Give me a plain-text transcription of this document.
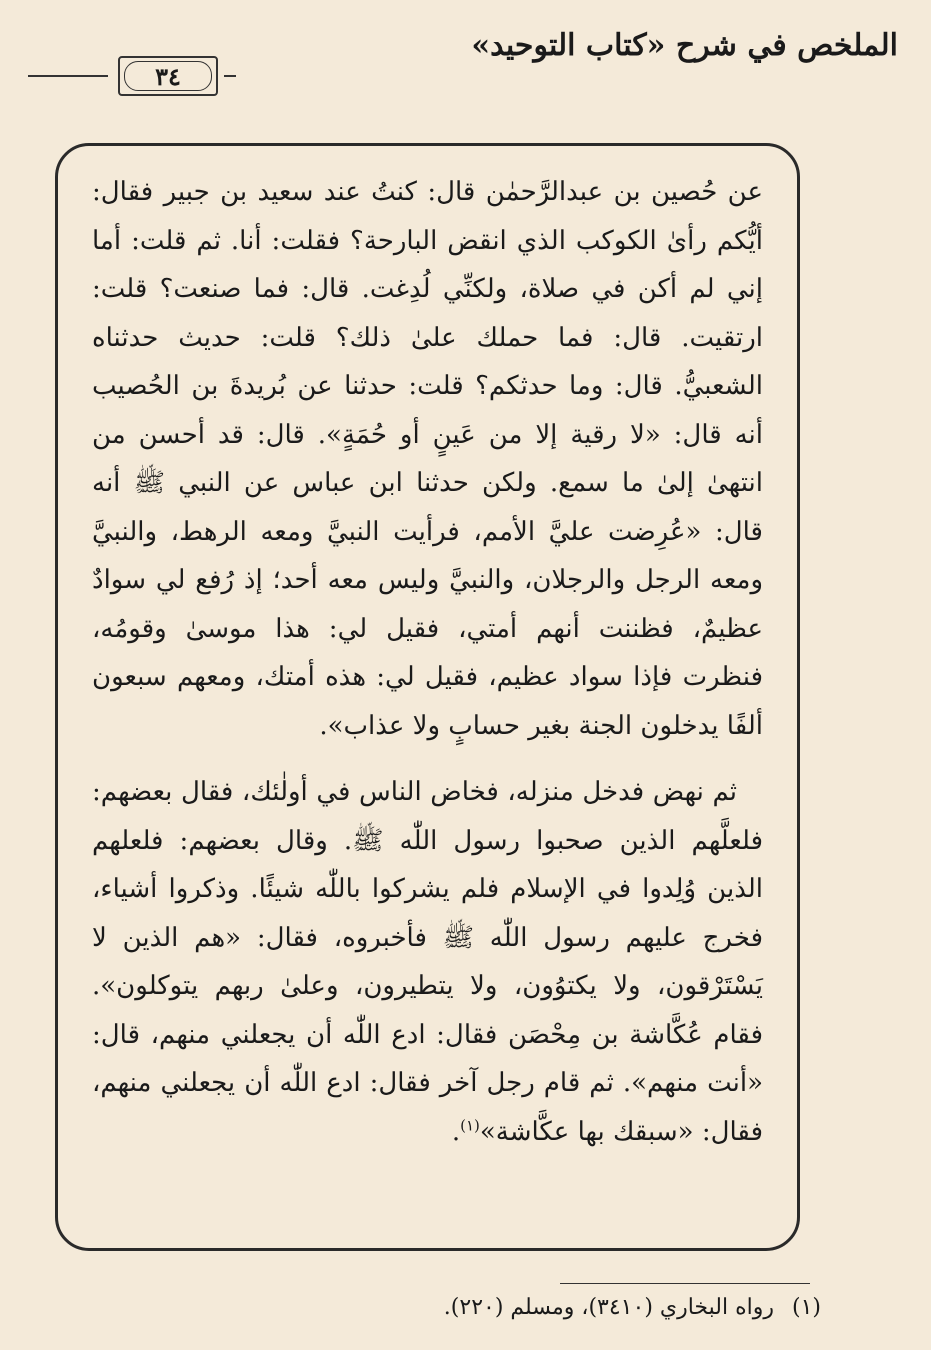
٣٤
الملخص في شرح «كتاب التوحيد»

عن حُصين بن عبدالرَّحمٰن قال: كنتُ عند سعيد بن جبير فقال: أيُّكم رأىٰ الكوكب الذي انقض البارحة؟ فقلت: أنا. ثم قلت: أما إني لم أكن في صلاة، ولكنِّي لُدِغت. قال: فما صنعت؟ قلت: ارتقيت. قال: فما حملك علىٰ ذلك؟ قلت: حديث حدثناه الشعبيُّ. قال: وما حدثكم؟ قلت: حدثنا عن بُريدةَ بن الحُصيب أنه قال: «لا رقية إلا من عَينٍ أو حُمَةٍ». قال: قد أحسن من انتهىٰ إلىٰ ما سمع. ولكن حدثنا ابن عباس عن النبي ﷺ أنه قال: «عُرِضت عليَّ الأمم، فرأيت النبيَّ ومعه الرهط، والنبيَّ ومعه الرجل والرجلان، والنبيَّ وليس معه أحد؛ إذ رُفع لي سوادٌ عظيمٌ، فظننت أنهم أمتي، فقيل لي: هذا موسىٰ وقومُه، فنظرت فإذا سواد عظيم، فقيل لي: هذه أمتك، ومعهم سبعون ألفًا يدخلون الجنة بغير حسابٍ ولا عذاب».

ثم نهض فدخل منزله، فخاض الناس في أولٰئك، فقال بعضهم: فلعلَّهم الذين صحبوا رسول اللّٰه ﷺ. وقال بعضهم: فلعلهم الذين وُلِدوا في الإسلام فلم يشركوا باللّٰه شيئًا. وذكروا أشياء، فخرج عليهم رسول اللّٰه ﷺ فأخبروه، فقال: «هم الذين لا يَسْتَرْقون، ولا يكتوُون، ولا يتطيرون، وعلىٰ ربهم يتوكلون». فقام عُكَّاشة بن مِحْصَن فقال: ادع اللّٰه أن يجعلني منهم، قال: «أنت منهم». ثم قام رجل آخر فقال: ادع اللّٰه أن يجعلني منهم، فقال: «سبقك بها عكَّاشة»$^{(١)}$.

(١)رواه البخاري (٣٤١٠)، ومسلم (٢٢٠).
